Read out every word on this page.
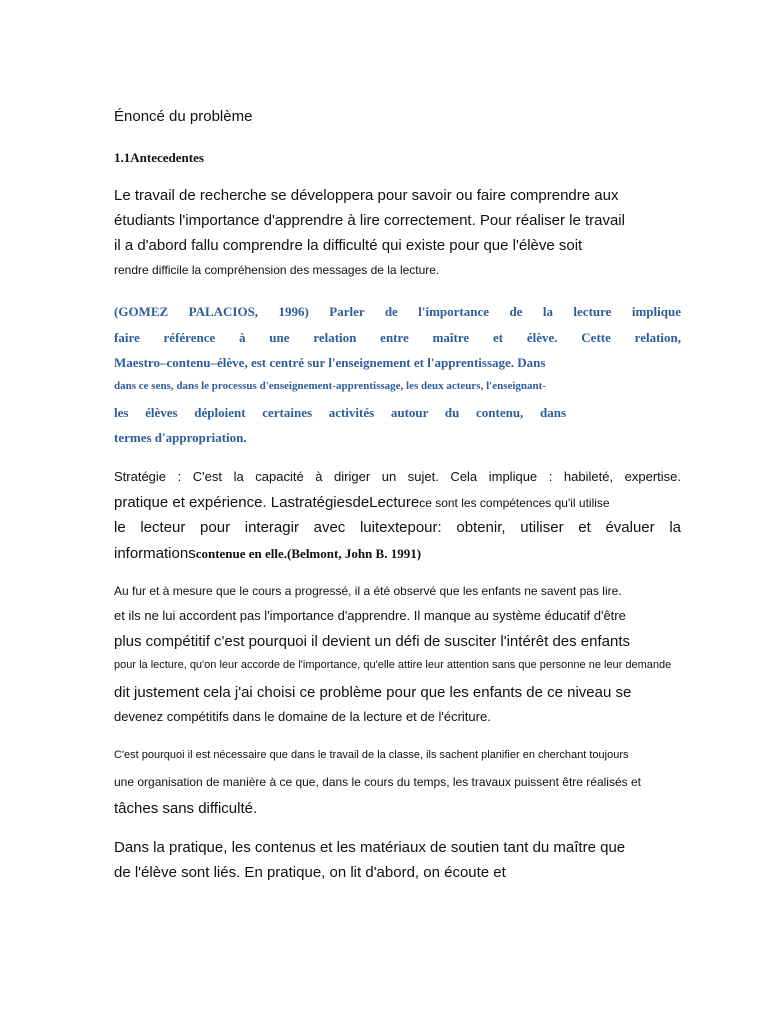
Énoncé du problème

1.1Antecedentes

Le travail de recherche se développera pour savoir ou faire comprendre aux

étudiants l'importance d'apprendre à lire correctement. Pour réaliser le travail

il a d'abord fallu comprendre la difficulté qui existe pour que l'élève soit

rendre difficile la compréhension des messages de la lecture.

(GOMEZ PALACIOS, 1996) Parler de l'importance de la lecture implique

faire référence à une relation entre maître et élève. Cette relation,

Maestro–contenu–élève, est centré sur l'enseignement et l'apprentissage. Dans

dans ce sens, dans le processus d'enseignement-apprentissage, les deux acteurs, l'enseignant-

les élèves déploient certaines activités autour du contenu, dans

termes d'appropriation.

Stratégie : C'est la capacité à diriger un sujet. Cela implique : habileté, expertise.

pratique et expérience. LastratégiesdeLecturece sont les compétences qu'il utilise

le lecteur pour interagir avec luitextepour: obtenir, utiliser et évaluer la

informationscontenue en elle.(Belmont, John B. 1991)

Au fur et à mesure que le cours a progressé, il a été observé que les enfants ne savent pas lire.

et ils ne lui accordent pas l'importance d'apprendre. Il manque au système éducatif d'être

plus compétitif c'est pourquoi il devient un défi de susciter l'intérêt des enfants

pour la lecture, qu'on leur accorde de l'importance, qu'elle attire leur attention sans que personne ne leur demande

dit justement cela j'ai choisi ce problème pour que les enfants de ce niveau se

devenez compétitifs dans le domaine de la lecture et de l'écriture.

C'est pourquoi il est nécessaire que dans le travail de la classe, ils sachent planifier en cherchant toujours

une organisation de manière à ce que, dans le cours du temps, les travaux puissent être réalisés et

tâches sans difficulté.

Dans la pratique, les contenus et les matériaux de soutien tant du maître que

de l'élève sont liés. En pratique, on lit d'abord, on écoute et
